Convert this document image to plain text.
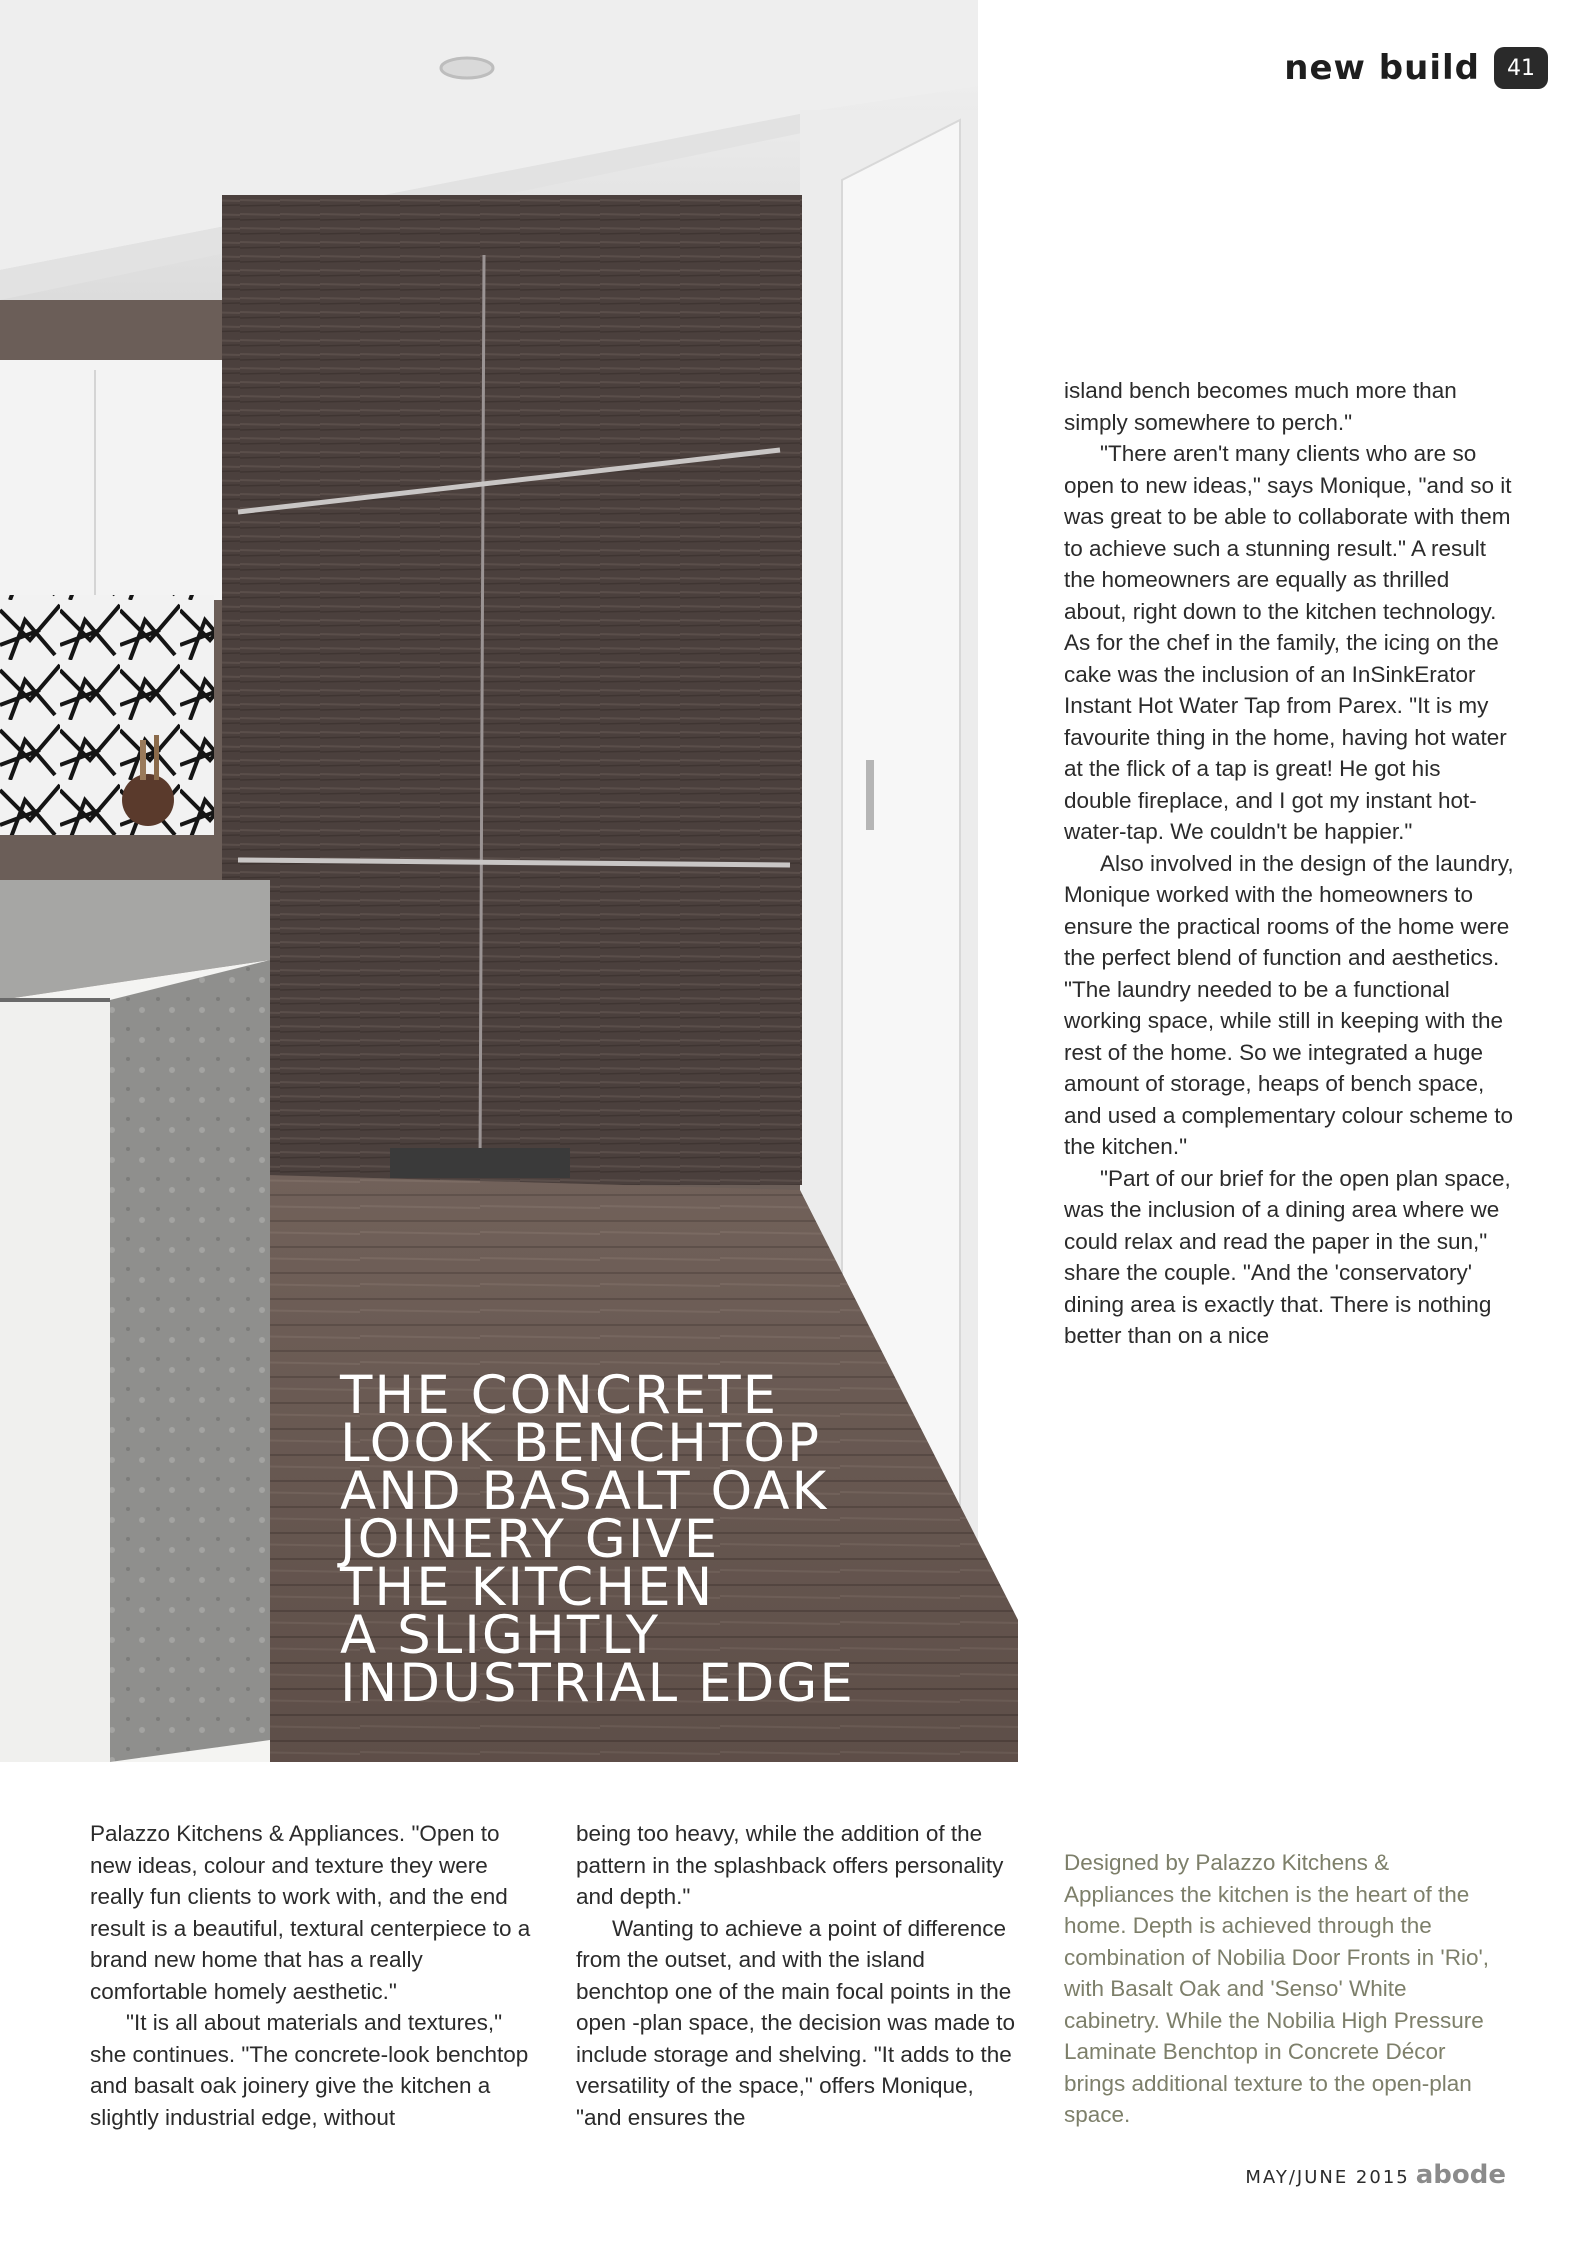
THE CONCRETE
LOOK BENCHTOP
AND BASALT OAK
JOINERY GIVE
THE KITCHEN
A SLIGHTLY
INDUSTRIAL EDGE
new build	41

island bench becomes much more than simply somewhere to perch."

"There aren't many clients who are so open to new ideas," says Monique, "and so it was great to be able to collaborate with them to achieve such a stunning result." A result the homeowners are equally as thrilled about, right down to the kitchen technology. As for the chef in the family, the icing on the cake was the inclusion of an InSinkErator Instant Hot Water Tap from Parex. "It is my favourite thing in the home, having hot water at the flick of a tap is great! He got his double fireplace, and I got my instant hot-water-tap. We couldn't be happier."

Also involved in the design of the laundry, Monique worked with the homeowners to ensure the practical rooms of the home were the perfect blend of function and aesthetics. "The laundry needed to be a functional working space, while still in keeping with the rest of the home. So we integrated a huge amount of storage, heaps of bench space, and used a complementary colour scheme to the kitchen."

"Part of our brief for the open plan space, was the inclusion of a dining area where we could relax and read the paper in the sun," share the couple. "And the 'conservatory' dining area is exactly that. There is nothing better than on a nice

Palazzo Kitchens & Appliances. "Open to new ideas, colour and texture they were really fun clients to work with, and the end result is a beautiful, textural centerpiece to a brand new home that has a really comfortable homely aesthetic."

"It is all about materials and textures," she continues. "The concrete-look benchtop and basalt oak joinery give the kitchen a slightly industrial edge, without

being too heavy, while the addition of the pattern in the splashback offers personality and depth."

Wanting to achieve a point of difference from the outset, and with the island benchtop one of the main focal points in the open -plan space, the decision was made to include storage and shelving. "It adds to the versatility of the space," offers Monique, "and ensures the

Designed by Palazzo Kitchens & Appliances the kitchen is the heart of the home. Depth is achieved through the combination of Nobilia Door Fronts in 'Rio', with Basalt Oak and 'Senso' White cabinetry. While the Nobilia High Pressure Laminate Benchtop in Concrete Décor brings additional texture to the open-plan space.
MAY/JUNE 2015 abode
